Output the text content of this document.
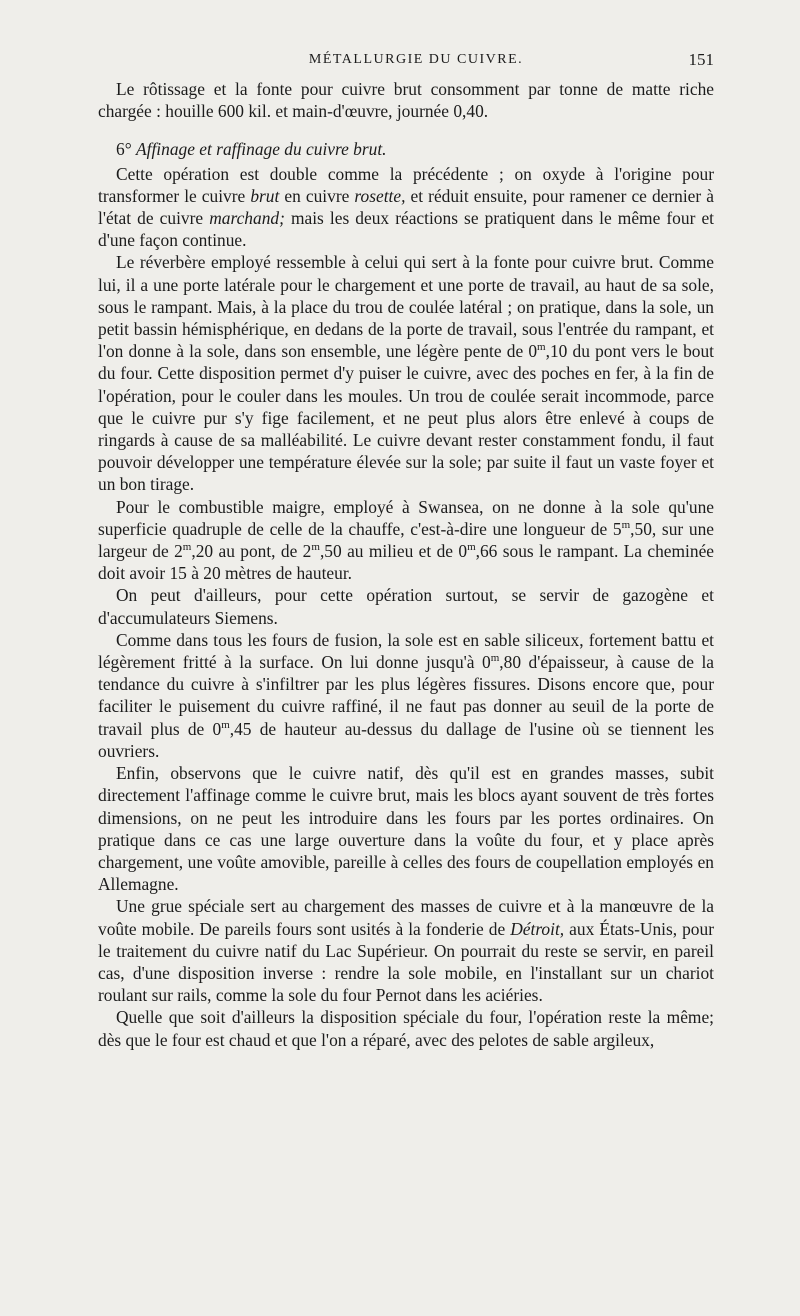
MÉTALLURGIE DU CUIVRE.	151

Le rôtissage et la fonte pour cuivre brut consomment par tonne de matte riche chargée : houille 600 kil. et main-d'œuvre, journée 0,40.

6° Affinage et raffinage du cuivre brut.

Cette opération est double comme la précédente ; on oxyde à l'origine pour transformer le cuivre brut en cuivre rosette, et réduit ensuite, pour ramener ce dernier à l'état de cuivre marchand; mais les deux réactions se pratiquent dans le même four et d'une façon continue.

Le réverbère employé ressemble à celui qui sert à la fonte pour cuivre brut. Comme lui, il a une porte latérale pour le chargement et une porte de travail, au haut de sa sole, sous le rampant. Mais, à la place du trou de coulée latéral ; on pratique, dans la sole, un petit bassin hémisphérique, en dedans de la porte de travail, sous l'entrée du rampant, et l'on donne à la sole, dans son ensemble, une légère pente de 0$^m$,10 du pont vers le bout du four. Cette disposition permet d'y puiser le cuivre, avec des poches en fer, à la fin de l'opération, pour le couler dans les moules. Un trou de coulée serait incommode, parce que le cuivre pur s'y fige facilement, et ne peut plus alors être enlevé à coups de ringards à cause de sa malléabilité. Le cuivre devant rester constamment fondu, il faut pouvoir développer une température élevée sur la sole; par suite il faut un vaste foyer et un bon tirage.

Pour le combustible maigre, employé à Swansea, on ne donne à la sole qu'une superficie quadruple de celle de la chauffe, c'est-à-dire une longueur de 5$^m$,50, sur une largeur de 2$^m$,20 au pont, de 2$^m$,50 au milieu et de 0$^m$,66 sous le rampant. La cheminée doit avoir 15 à 20 mètres de hauteur.

On peut d'ailleurs, pour cette opération surtout, se servir de gazogène et d'accumulateurs Siemens.

Comme dans tous les fours de fusion, la sole est en sable siliceux, fortement battu et légèrement fritté à la surface. On lui donne jusqu'à 0$^m$,80 d'épaisseur, à cause de la tendance du cuivre à s'infiltrer par les plus légères fissures. Disons encore que, pour faciliter le puisement du cuivre raffiné, il ne faut pas donner au seuil de la porte de travail plus de 0$^m$,45 de hauteur au-dessus du dallage de l'usine où se tiennent les ouvriers.

Enfin, observons que le cuivre natif, dès qu'il est en grandes masses, subit directement l'affinage comme le cuivre brut, mais les blocs ayant souvent de très fortes dimensions, on ne peut les introduire dans les fours par les portes ordinaires. On pratique dans ce cas une large ouverture dans la voûte du four, et y place après chargement, une voûte amovible, pareille à celles des fours de coupellation employés en Allemagne.

Une grue spéciale sert au chargement des masses de cuivre et à la manœuvre de la voûte mobile. De pareils fours sont usités à la fonderie de Détroit, aux États-Unis, pour le traitement du cuivre natif du Lac Supérieur. On pourrait du reste se servir, en pareil cas, d'une disposition inverse : rendre la sole mobile, en l'installant sur un chariot roulant sur rails, comme la sole du four Pernot dans les aciéries.

Quelle que soit d'ailleurs la disposition spéciale du four, l'opération reste la même; dès que le four est chaud et que l'on a réparé, avec des pelotes de sable argileux,
